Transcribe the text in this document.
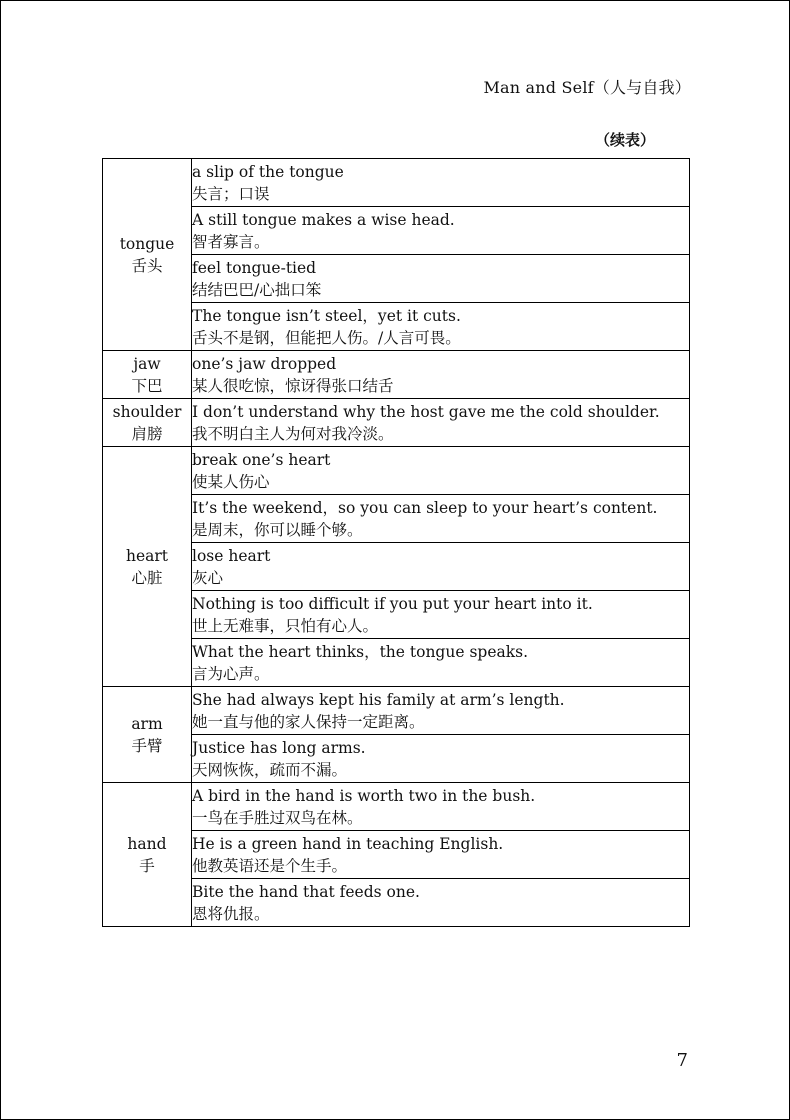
Man and Self（人与自我）
（续表）
tongue
舌头	a slip of the tongue
失言；口误

	A still tongue makes a wise head.
智者寡言。

	feel tongue-tied
结结巴巴/心拙口笨

	The tongue isn’t steel，yet it cuts.
舌头不是钢，但能把人伤。/人言可畏。

jaw
下巴	one’s jaw dropped
某人很吃惊，惊讶得张口结舌

shoulder
肩膀	I don’t understand why the host gave me the cold shoulder.
我不明白主人为何对我冷淡。

heart
心脏	break one’s heart
使某人伤心

	It’s the weekend，so you can sleep to your heart’s content.
是周末，你可以睡个够。

	lose heart
灰心

	Nothing is too difficult if you put your heart into it.
世上无难事，只怕有心人。

	What the heart thinks，the tongue speaks.
言为心声。

arm
手臂	She had always kept his family at arm’s length.
她一直与他的家人保持一定距离。

	Justice has long arms.
天网恢恢，疏而不漏。

hand
手	A bird in the hand is worth two in the bush.
一鸟在手胜过双鸟在林。

	He is a green hand in teaching English.
他教英语还是个生手。

	Bite the hand that feeds one.
恩将仇报。
7
